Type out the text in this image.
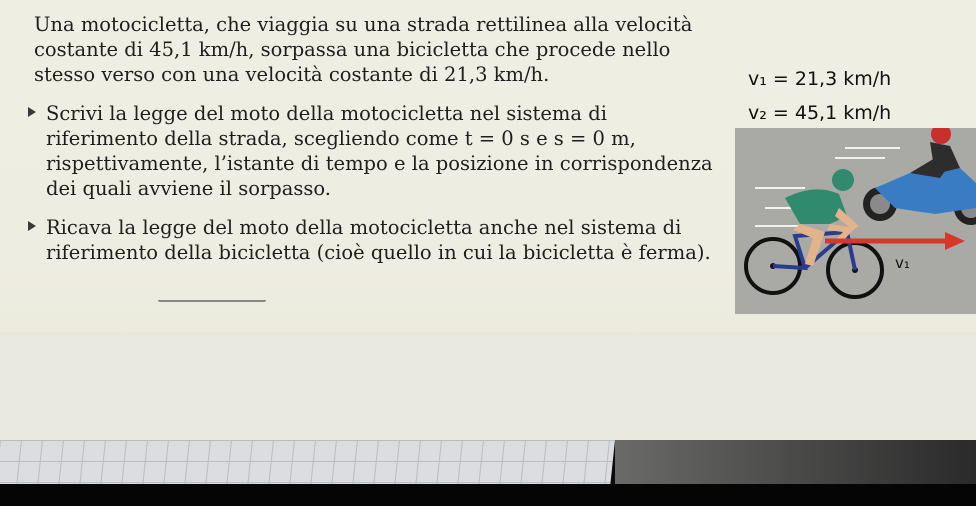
Una motocicletta, che viaggia su una strada rettilinea alla velocità costante di 45,1 km/h, sorpassa una bicicletta che procede nello stesso verso con una velocità costante di 21,3 km/h.

Scrivi la legge del moto della motocicletta nel sistema di riferimento della strada, scegliendo come t = 0 s e s = 0 m, rispettivamente, l’istante di tempo e la posizione in corrispondenza dei quali avviene il sorpasso.
Ricava la legge del moto della motocicletta anche nel sistema di riferimento della bicicletta (cioè quello in cui la bicicletta è ferma).
v₁ = 21,3 km/h
v₂ = 45,1 km/h
v₁
